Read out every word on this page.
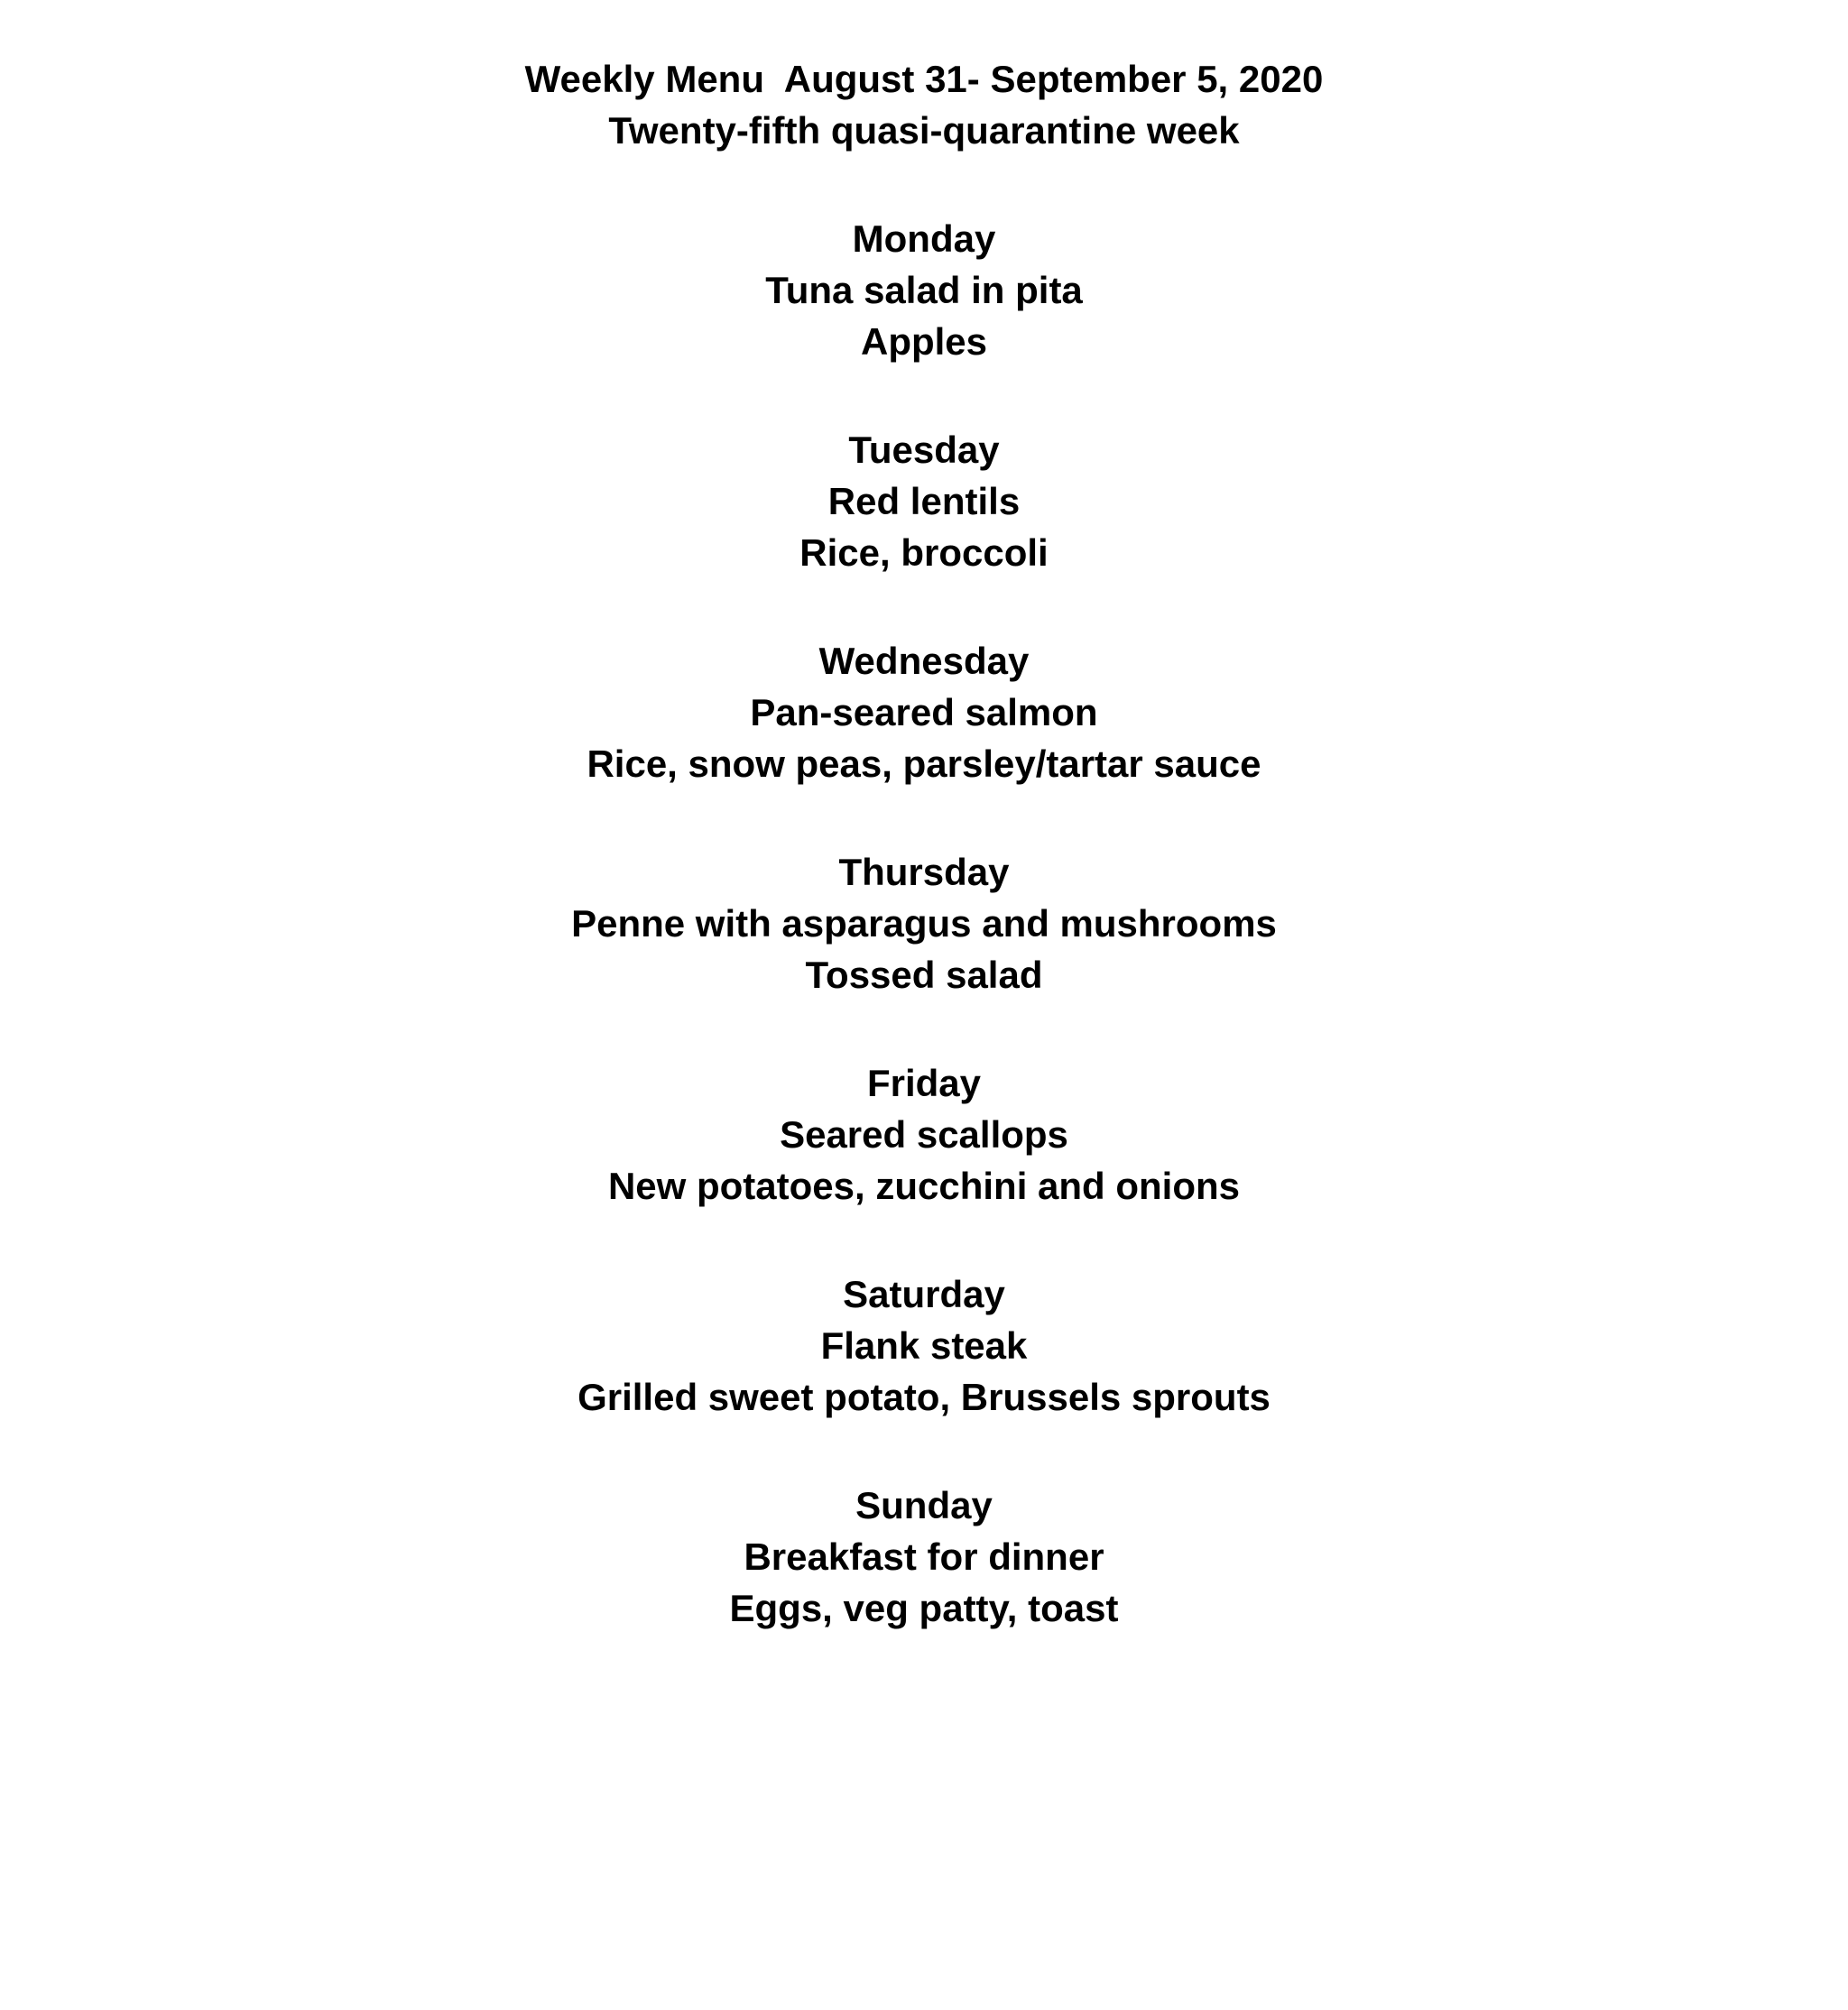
Weekly Menu  August 31- September 5, 2020
Twenty-fifth quasi-quarantine week
Monday
Tuna salad in pita
Apples
Tuesday
Red lentils
Rice, broccoli
Wednesday
Pan-seared salmon
Rice, snow peas, parsley/tartar sauce
Thursday
Penne with asparagus and mushrooms
Tossed salad
Friday
Seared scallops
New potatoes, zucchini and onions
Saturday
Flank steak
Grilled sweet potato, Brussels sprouts
Sunday
Breakfast for dinner
Eggs, veg patty, toast
